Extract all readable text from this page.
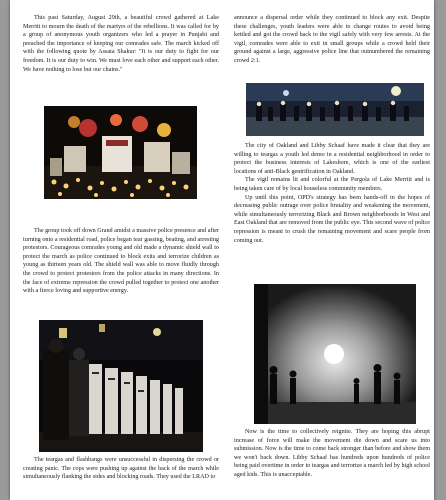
This past Saturday, August 29th, a beautiful crowd gathered at Lake Merritt to mourn the death of the martyrs of the rebellions. It was called for by a group of anonymous youth organizers who led a prayer in Punjabi and preached the importance of keeping our comrades safe. The march kicked off with the following quote by Assata Shakur: "It is our duty to fight for our freedom. It is our duty to win. We must love each other and support each other. We have nothing to lose but our chains."

The group took off down Grand amidst a massive police presence and after turning onto a residential road, police began tear gassing, beating, and arresting protestors. Courageous comrades young and old made a dynamic shield wall to protect the march as police continued to block exits and terrorize children as young as thirteen years old. The shield wall was able to move fluidly through the crowd to protect protestors from the police attacks in many directions. In the face of extreme repression the crowd pulled together to protect one another with a fierce loving and supportive energy.

The teargas and flashbangs were unsuccessful in dispersing the crowd or creating panic. The cops were pushing up against the back of the march while simultaneously flanking the sides and blocking roads. They used the LRAD to

announce a dispersal order while they continued to block any exit. Despite these challenges, youth leaders were able to change routes to avoid being kettled and got the crowd back to the vigil safely with very few arrests. At the vigil, comrades were able to exit in small groups while a crowd held their ground against a large, aggressive police line that outnumbered the remaining crowd 2:1.

The city of Oakland and Libby Schaaf have made it clear that they are willing to teargas a youth led demo in a residential neighborhood in order to protect the business interests of Lakeshore, which is one of the earliest locations of anti-Black gentrification in Oakland.

The vigil remains lit and colorful at the Pergola of Lake Merritt and is being taken care of by local houseless community members.

Up until this point, OPD's strategy has been hands-off in the hopes of decreasing public outrage over police brutality and weakening the movement, while simultaneously terrorizing Black and Brown neighborhoods in West and East Oakland that are removed from the public eye. This second wave of police repression is meant to crush the remaining movement and scare people from coming out.

Now is the time to collectively reignite. They are hoping this abrupt increase of force will make the movement die down and scare us into submission. Now is the time to come back stronger than before and show them we won't back down. Libby Schaaf has hundreds upon hundreds of police being paid overtime in order to teargas and terrorize a march led by high school aged kids. This is unacceptable.
